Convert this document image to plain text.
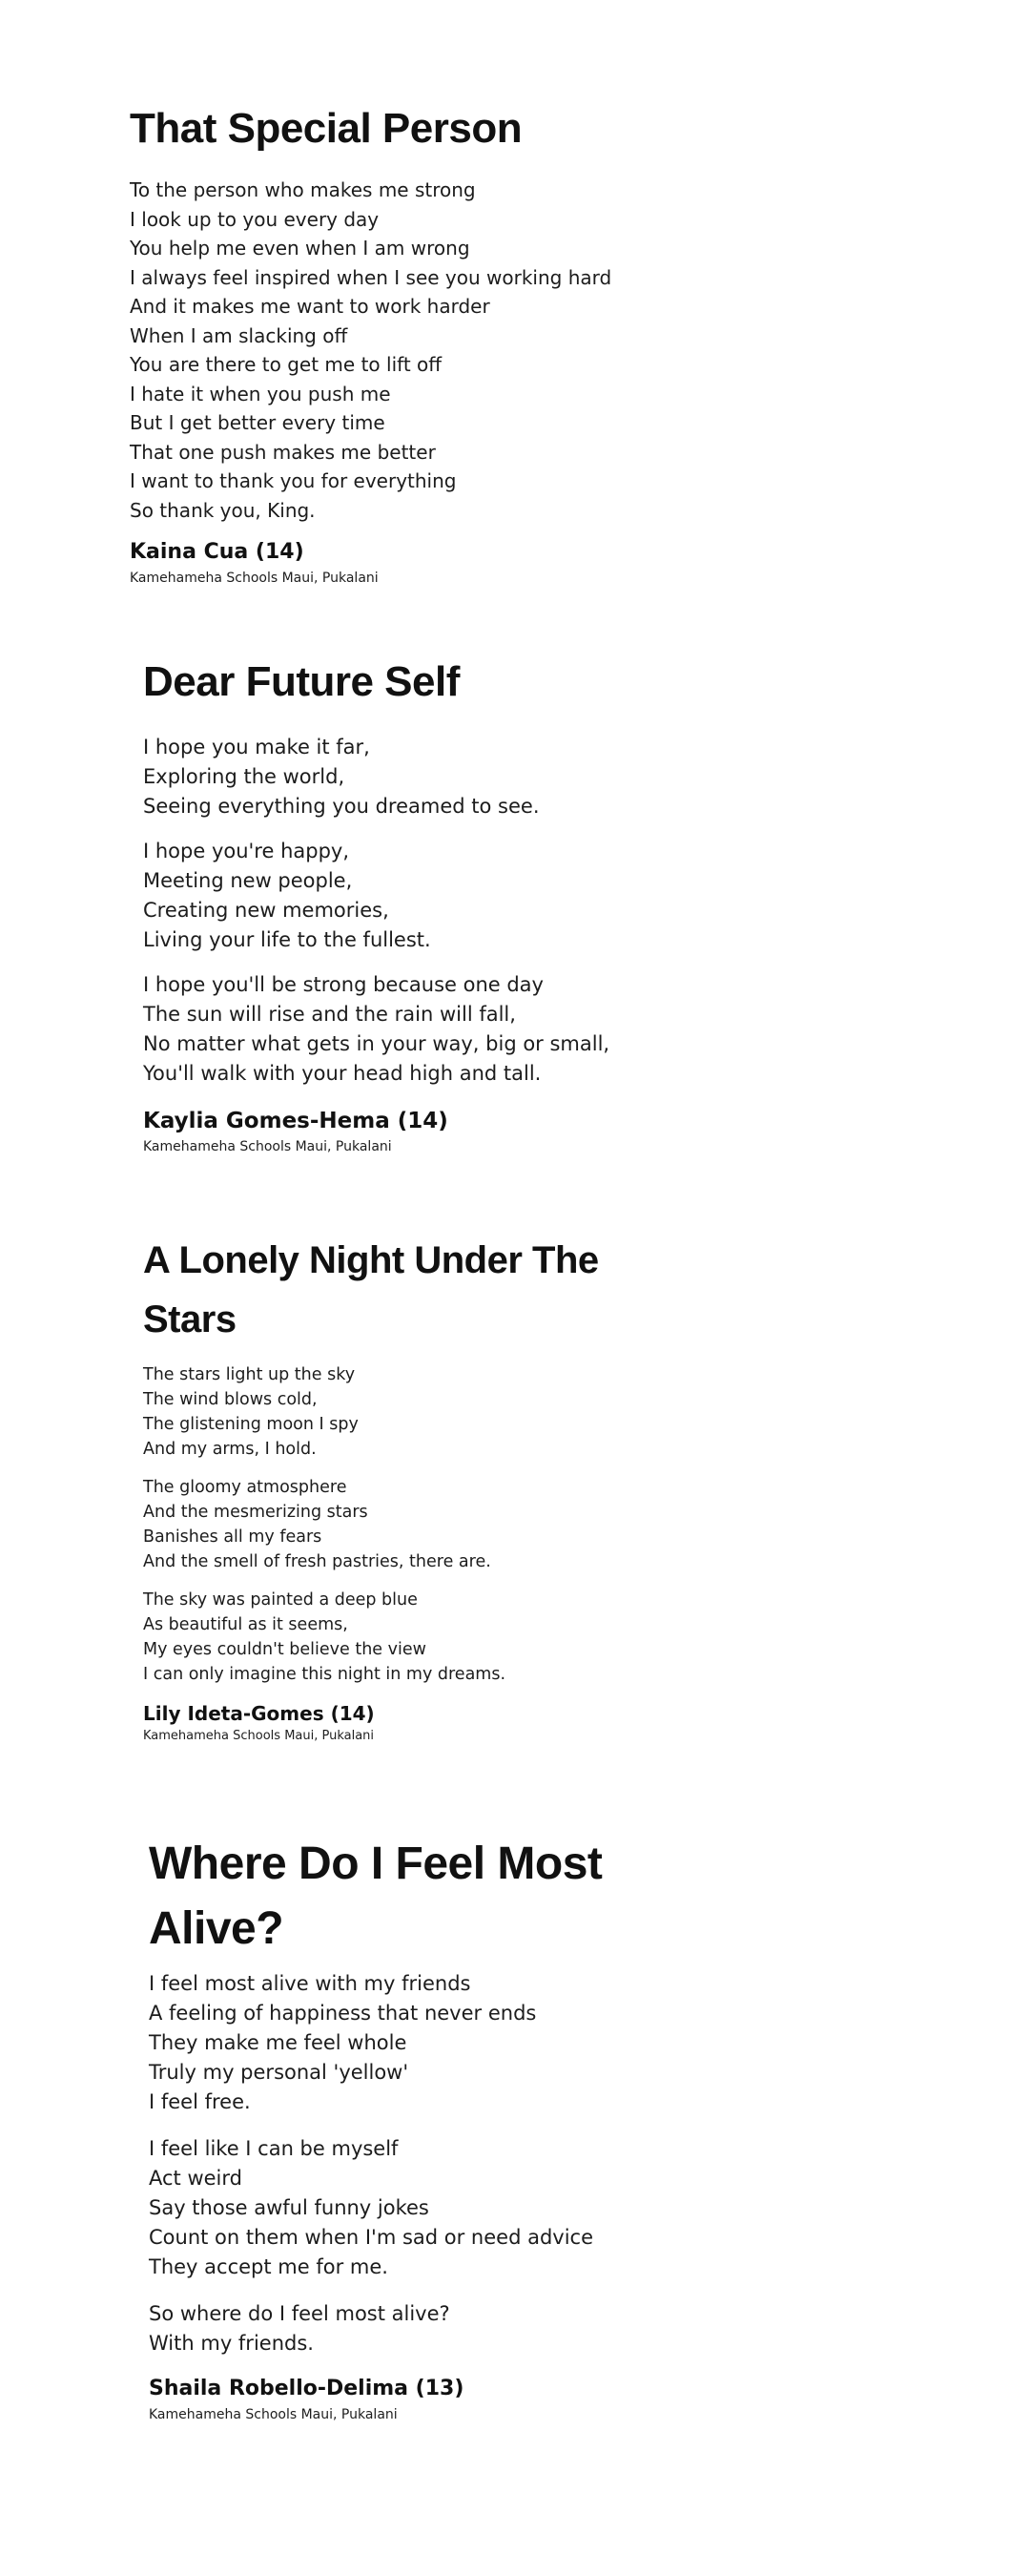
That Special Person

To the person who makes me strong
I look up to you every day
You help me even when I am wrong
I always feel inspired when I see you working hard
And it makes me want to work harder
When I am slacking off
You are there to get me to lift off
I hate it when you push me
But I get better every time
That one push makes me better
I want to thank you for everything
So thank you, King.

Kaina Cua (14)
Kamehameha Schools Maui, Pukalani
Dear Future Self

I hope you make it far,
Exploring the world,
Seeing everything you dreamed to see.

I hope you're happy,
Meeting new people,
Creating new memories,
Living your life to the fullest.

I hope you'll be strong because one day
The sun will rise and the rain will fall,
No matter what gets in your way, big or small,
You'll walk with your head high and tall.

Kaylia Gomes-Hema (14)
Kamehameha Schools Maui, Pukalani
A Lonely Night Under The
Stars

The stars light up the sky
The wind blows cold,
The glistening moon I spy
And my arms, I hold.

The gloomy atmosphere
And the mesmerizing stars
Banishes all my fears
And the smell of fresh pastries, there are.

The sky was painted a deep blue
As beautiful as it seems,
My eyes couldn't believe the view
I can only imagine this night in my dreams.

Lily Ideta-Gomes (14)
Kamehameha Schools Maui, Pukalani
Where Do I Feel Most
Alive?

I feel most alive with my friends
A feeling of happiness that never ends
They make me feel whole
Truly my personal 'yellow'
I feel free.

I feel like I can be myself
Act weird
Say those awful funny jokes
Count on them when I'm sad or need advice
They accept me for me.

So where do I feel most alive?
With my friends.

Shaila Robello-Delima (13)
Kamehameha Schools Maui, Pukalani
